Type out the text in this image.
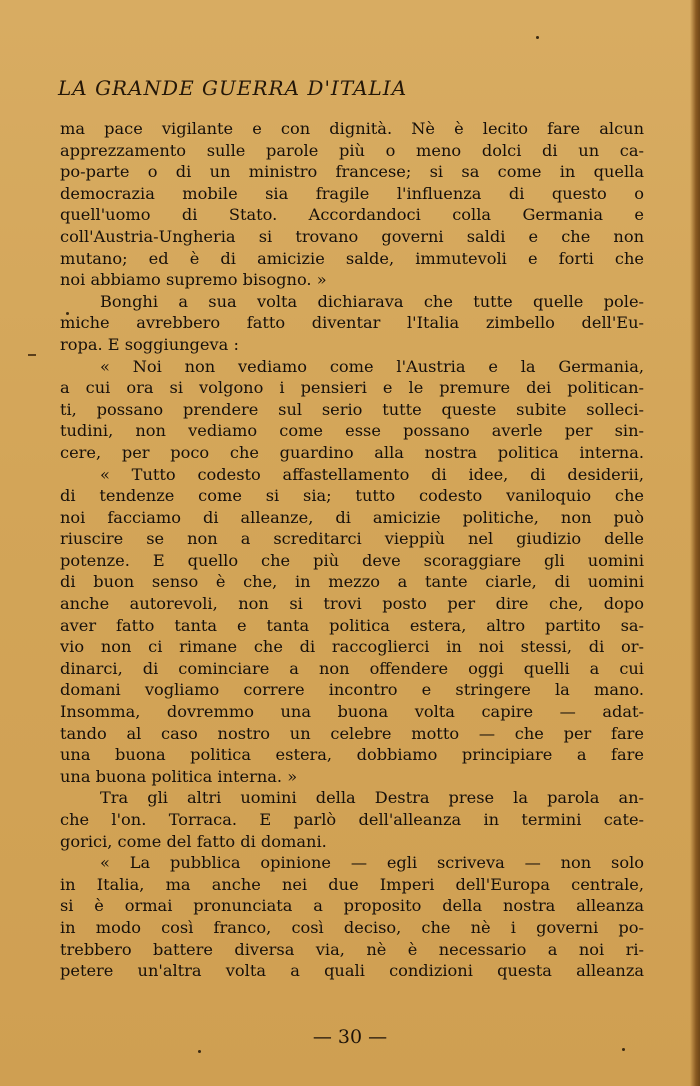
LA GRANDE GUERRA D'ITALIA
ma pace vigilante e con dignità. Nè è lecito fare alcun
apprezzamento sulle parole più o meno dolci di un ca-
po-parte o di un ministro francese; si sa come in quella
democrazia mobile sia fragile l'influenza di questo o
quell'uomo di Stato. Accordandoci colla Germania e
coll'Austria-Ungheria si trovano governi saldi e che non
mutano; ed è di amicizie salde, immutevoli e forti che
noi abbiamo supremo bisogno. »
Bonghi a sua volta dichiarava che tutte quelle pole-
miche avrebbero fatto diventar l'Italia zimbello dell'Eu-
ropa. E soggiungeva :
« Noi non vediamo come l'Austria e la Germania,
a cui ora si volgono i pensieri e le premure dei politican-
ti, possano prendere sul serio tutte queste subite solleci-
tudini, non vediamo come esse possano averle per sin-
cere, per poco che guardino alla nostra politica interna.
« Tutto codesto affastellamento di idee, di desiderii,
di tendenze come si sia; tutto codesto vaniloquio che
noi facciamo di alleanze, di amicizie politiche, non può
riuscire se non a screditarci vieppiù nel giudizio delle
potenze. E quello che più deve scoraggiare gli uomini
di buon senso è che, in mezzo a tante ciarle, di uomini
anche autorevoli, non si trovi posto per dire che, dopo
aver fatto tanta e tanta politica estera, altro partito sa-
vio non ci rimane che di raccoglierci in noi stessi, di or-
dinarci, di cominciare a non offendere oggi quelli a cui
domani vogliamo correre incontro e stringere la mano.
Insomma, dovremmo una buona volta capire — adat-
tando al caso nostro un celebre motto — che per fare
una buona politica estera, dobbiamo principiare a fare
una buona politica interna. »
Tra gli altri uomini della Destra prese la parola an-
che l'on. Torraca. E parlò dell'alleanza in termini cate-
gorici, come del fatto di domani.
« La pubblica opinione — egli scriveva — non solo
in Italia, ma anche nei due Imperi dell'Europa centrale,
si è ormai pronunciata a proposito della nostra alleanza
in modo così franco, così deciso, che nè i governi po-
trebbero battere diversa via, nè è necessario a noi ri-
petere un'altra volta a quali condizioni questa alleanza
— 30 —
